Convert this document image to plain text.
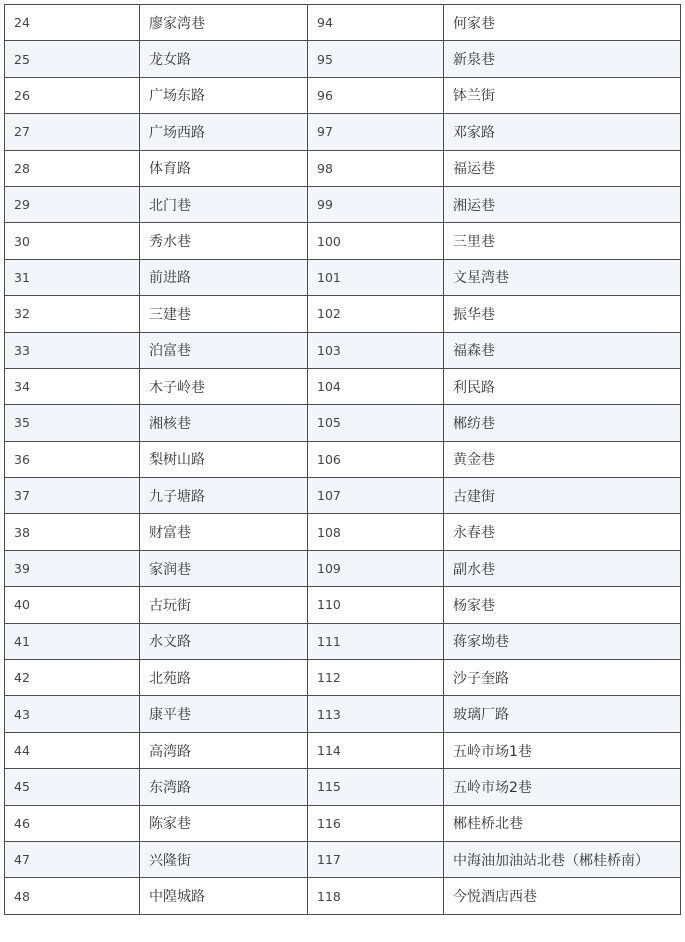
24	廖家湾巷	94	何家巷
25	龙女路	95	新泉巷
26	广场东路	96	钵兰街
27	广场西路	97	邓家路
28	体育路	98	福运巷
29	北门巷	99	湘运巷
30	秀水巷	100	三里巷
31	前进路	101	文星湾巷
32	三建巷	102	振华巷
33	泊富巷	103	福森巷
34	木子岭巷	104	利民路
35	湘核巷	105	郴纺巷
36	梨树山路	106	黄金巷
37	九子塘路	107	古建街
38	财富巷	108	永春巷
39	家润巷	109	副水巷
40	古玩街	110	杨家巷
41	水文路	111	蒋家坳巷
42	北苑路	112	沙子奎路
43	康平巷	113	玻璃厂路
44	高湾路	114	五岭市场1巷
45	东湾路	115	五岭市场2巷
46	陈家巷	116	郴桂桥北巷
47	兴隆街	117	中海油加油站北巷（郴桂桥南）
48	中隍城路	118	今悦酒店西巷
